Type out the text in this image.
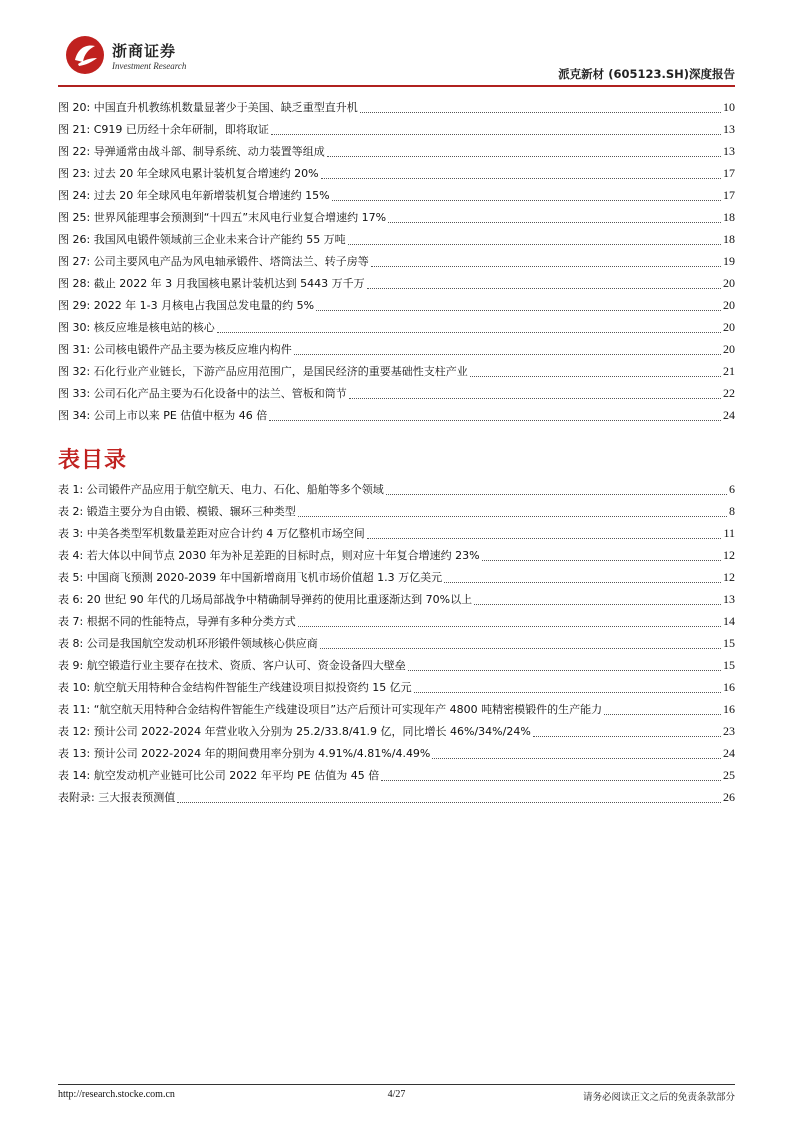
浙商证券
Investment Research
派克新材 (605123.SH)深度报告
图 20: 中国直升机教练机数量显著少于美国、缺乏重型直升机	10
图 21: C919 已历经十余年研制，即将取证	13
图 22: 导弹通常由战斗部、制导系统、动力装置等组成	13
图 23: 过去 20 年全球风电累计装机复合增速约 20%	17
图 24: 过去 20 年全球风电年新增装机复合增速约 15%	17
图 25: 世界风能理事会预测到“十四五”末风电行业复合增速约 17%	18
图 26: 我国风电锻件领域前三企业未来合计产能约 55 万吨	18
图 27: 公司主要风电产品为风电轴承锻件、塔筒法兰、转子房等	19
图 28: 截止 2022 年 3 月我国核电累计装机达到 5443 万千万	20
图 29: 2022 年 1-3 月核电占我国总发电量的约 5%	20
图 30: 核反应堆是核电站的核心	20
图 31: 公司核电锻件产品主要为核反应堆内构件	20
图 32: 石化行业产业链长，下游产品应用范围广，是国民经济的重要基础性支柱产业	21
图 33: 公司石化产品主要为石化设备中的法兰、管板和筒节	22
图 34: 公司上市以来 PE 估值中枢为 46 倍	24
表目录
表 1: 公司锻件产品应用于航空航天、电力、石化、船舶等多个领域	6
表 2: 锻造主要分为自由锻、模锻、辗环三种类型	8
表 3: 中美各类型军机数量差距对应合计约 4 万亿整机市场空间	11
表 4: 若大体以中间节点 2030 年为补足差距的目标时点，则对应十年复合增速约 23%	12
表 5: 中国商飞预测 2020-2039 年中国新增商用飞机市场价值超 1.3 万亿美元	12
表 6: 20 世纪 90 年代的几场局部战争中精确制导弹药的使用比重逐渐达到 70%以上	13
表 7: 根据不同的性能特点，导弹有多种分类方式	14
表 8: 公司是我国航空发动机环形锻件领域核心供应商	15
表 9: 航空锻造行业主要存在技术、资质、客户认可、资金设备四大壁垒	15
表 10: 航空航天用特种合金结构件智能生产线建设项目拟投资约 15 亿元	16
表 11: “航空航天用特种合金结构件智能生产线建设项目”达产后预计可实现年产 4800 吨精密模锻件的生产能力	16
表 12: 预计公司 2022-2024 年营业收入分别为 25.2/33.8/41.9 亿，同比增长 46%/34%/24%	23
表 13: 预计公司 2022-2024 年的期间费用率分别为 4.91%/4.81%/4.49%	24
表 14: 航空发动机产业链可比公司 2022 年平均 PE 估值为 45 倍	25
表附录: 三大报表预测值	26
http://research.stocke.com.cn	4/27	请务必阅读正文之后的免责条款部分
